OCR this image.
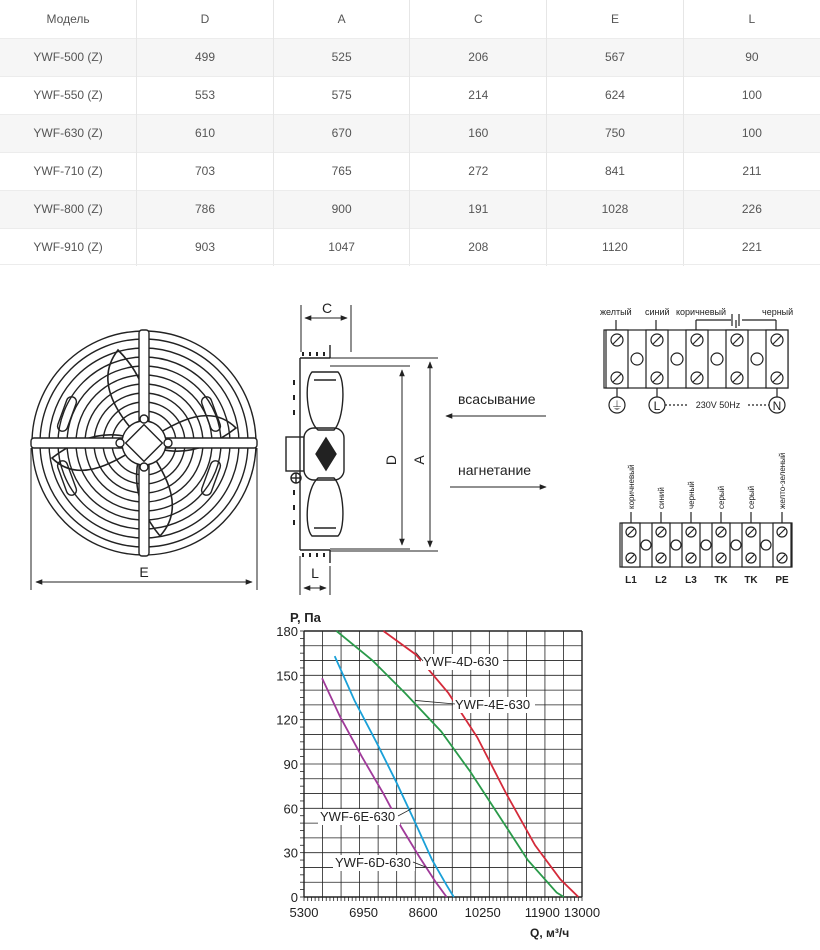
Модель	D	A	C	E	L
YWF-500 (Z)	499	525	206	567	90
YWF-550 (Z)	553	575	214	624	100
YWF-630 (Z)	610	670	160	750	100
YWF-710 (Z)	703	765	272	841	211
YWF-800 (Z)	786	900	191	1028	226
YWF-910 (Z)	903	1047	208	1120	221
E
C
D A
L
всасывание
нагнетание
желтый синий коричневый	черный
⏚	L	N
230V 50Hz
коричневый	синий	черный	серый	серый	желто-зеленый
L1 L2 L3 TK TK PE
5300 6950 8600 10250 11900 13000
0
30
60
90
120
150
180
YWF-4D-630
YWF-4E-630
YWF-6E-630
YWF-6D-630
P, Па
Q, м³/ч
